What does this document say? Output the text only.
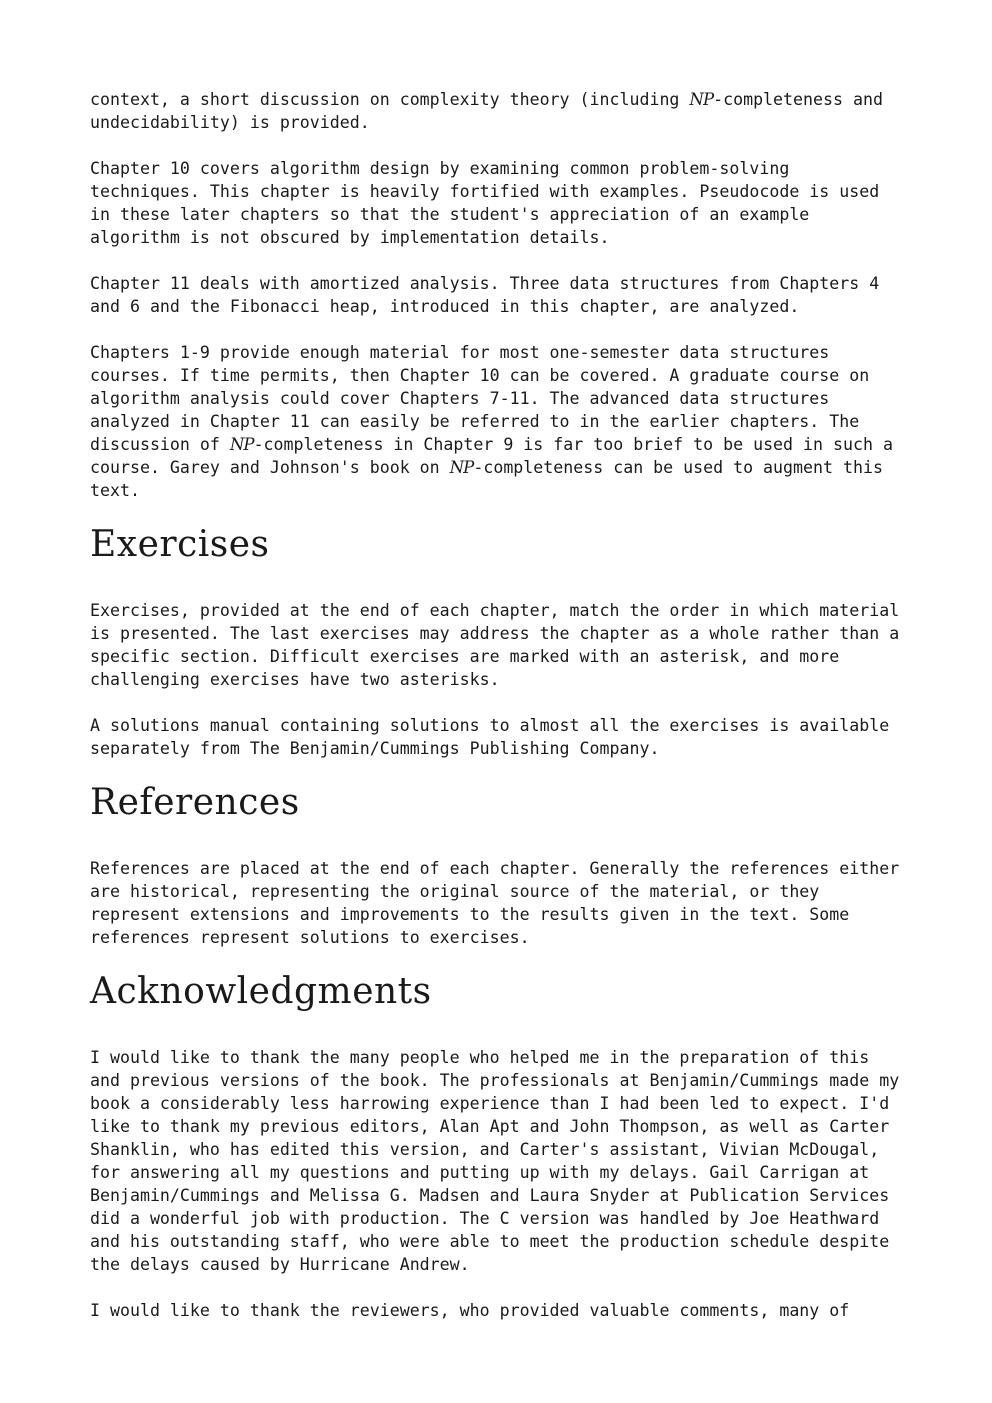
context, a short discussion on complexity theory (including NP-completeness and
undecidability) is provided.
Chapter 10 covers algorithm design by examining common problem-solving
techniques. This chapter is heavily fortified with examples. Pseudocode is used
in these later chapters so that the student's appreciation of an example
algorithm is not obscured by implementation details.
Chapter 11 deals with amortized analysis. Three data structures from Chapters 4
and 6 and the Fibonacci heap, introduced in this chapter, are analyzed.
Chapters 1-9 provide enough material for most one-semester data structures
courses. If time permits, then Chapter 10 can be covered. A graduate course on
algorithm analysis could cover Chapters 7-11. The advanced data structures
analyzed in Chapter 11 can easily be referred to in the earlier chapters. The
discussion of NP-completeness in Chapter 9 is far too brief to be used in such a
course. Garey and Johnson's book on NP-completeness can be used to augment this
text.
Exercises
Exercises, provided at the end of each chapter, match the order in which material
is presented. The last exercises may address the chapter as a whole rather than a
specific section. Difficult exercises are marked with an asterisk, and more
challenging exercises have two asterisks.
A solutions manual containing solutions to almost all the exercises is available
separately from The Benjamin/Cummings Publishing Company.
References
References are placed at the end of each chapter. Generally the references either
are historical, representing the original source of the material, or they
represent extensions and improvements to the results given in the text. Some
references represent solutions to exercises.
Acknowledgments
I would like to thank the many people who helped me in the preparation of this
and previous versions of the book. The professionals at Benjamin/Cummings made my
book a considerably less harrowing experience than I had been led to expect. I'd
like to thank my previous editors, Alan Apt and John Thompson, as well as Carter
Shanklin, who has edited this version, and Carter's assistant, Vivian McDougal,
for answering all my questions and putting up with my delays. Gail Carrigan at
Benjamin/Cummings and Melissa G. Madsen and Laura Snyder at Publication Services
did a wonderful job with production. The C version was handled by Joe Heathward
and his outstanding staff, who were able to meet the production schedule despite
the delays caused by Hurricane Andrew.
I would like to thank the reviewers, who provided valuable comments, many of
